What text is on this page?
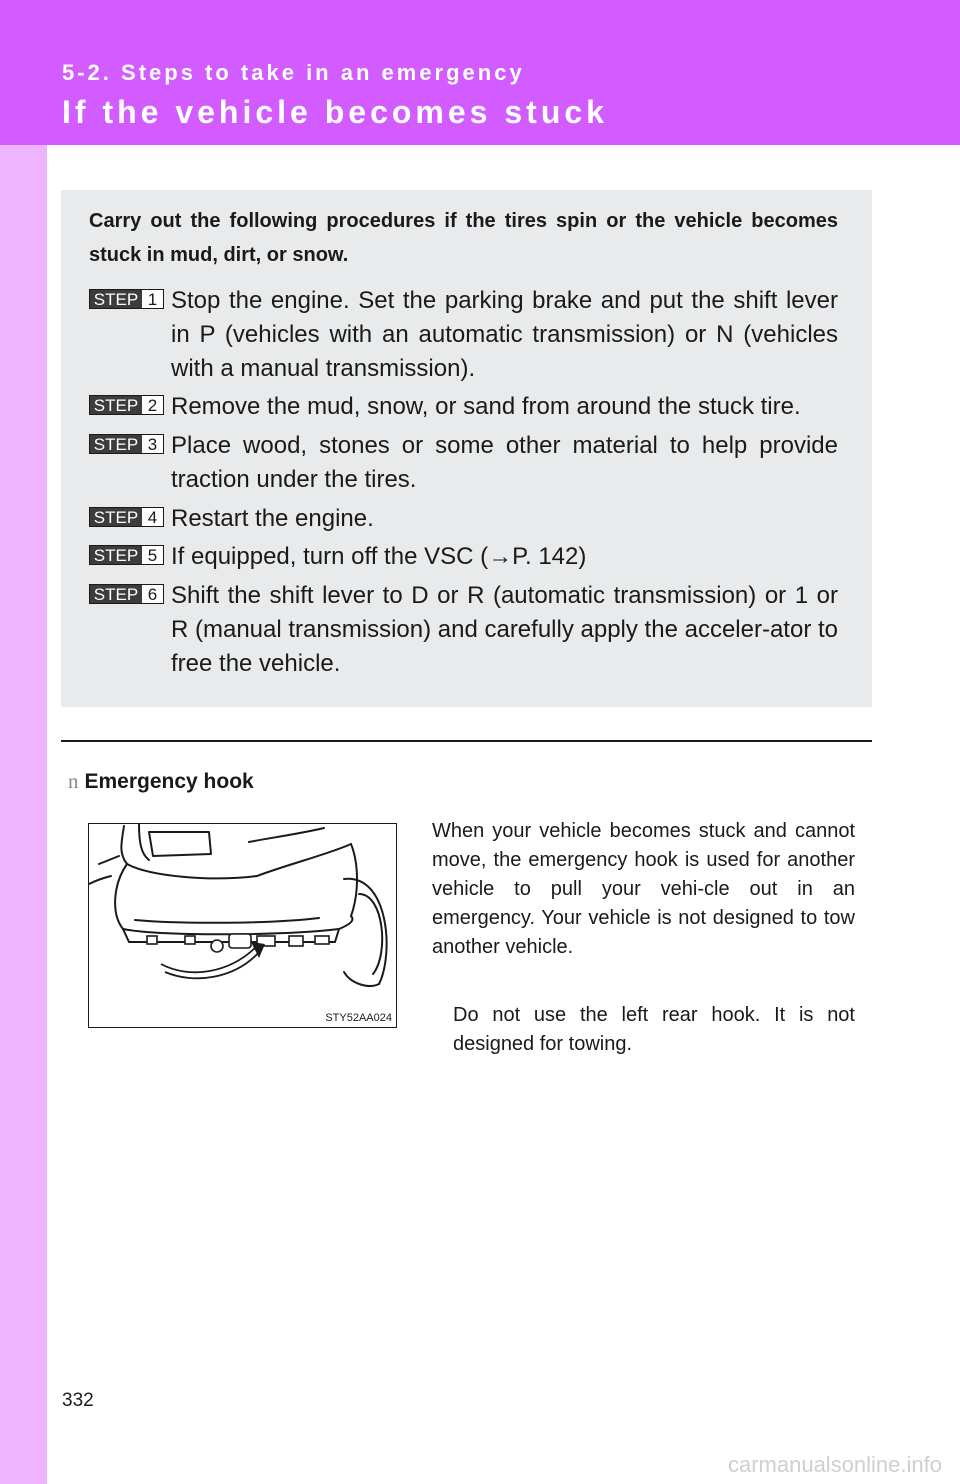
5-2. Steps to take in an emergency
If the vehicle becomes stuck
Carry out the following procedures if the tires spin or the vehicle becomes stuck in mud, dirt, or snow.
STEP 1 Stop the engine. Set the parking brake and put the shift lever in P (vehicles with an automatic transmission) or N (vehicles with a manual transmission).
STEP 2 Remove the mud, snow, or sand from around the stuck tire.
STEP 3 Place wood, stones or some other material to help provide traction under the tires.
STEP 4 Restart the engine.
STEP 5 If equipped, turn off the VSC (→P. 142)
STEP 6 Shift the shift lever to D or R (automatic transmission) or 1 or R (manual transmission) and carefully apply the acceler-ator to free the vehicle.
n Emergency hook
STY52AA024
When your vehicle becomes stuck and cannot move, the emergency hook is used for another vehicle to pull your vehi-cle out in an emergency. Your vehicle is not designed to tow another vehicle.
Do not use the left rear hook. It is not designed for towing.
332
carmanualsonline.info
